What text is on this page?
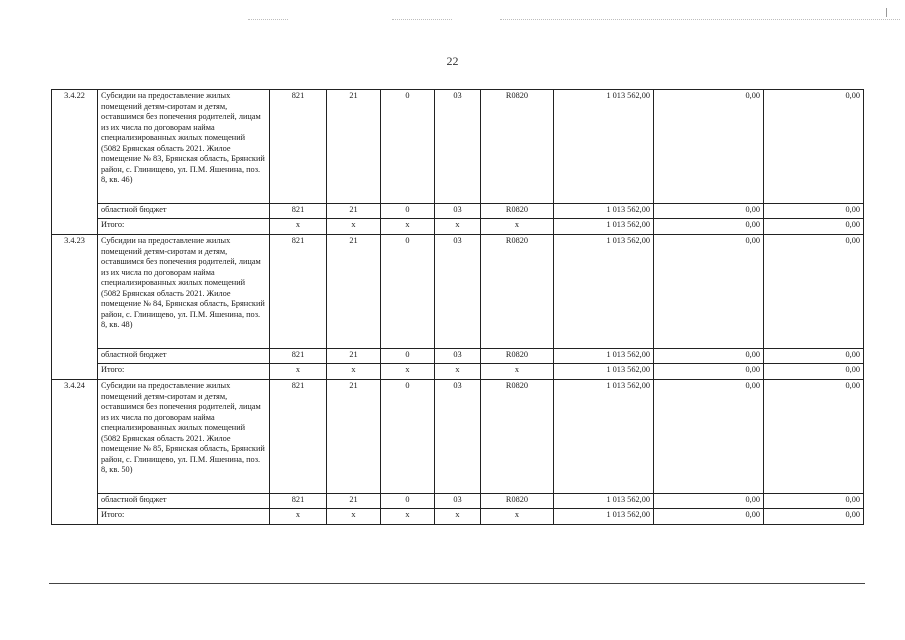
22
3.4.22	Субсидии на предоставление жилых помещений детям-сиротам и детям, оставшимся без попечения родителей, лицам из их числа по договорам найма специализированных жилых помещений (5082 Брянская область 2021. Жилое помещение № 83, Брянская область, Брянский район, с. Глинищево, ул. П.М. Яшенина, поз. 8, кв. 46)	821	21	0	03	R0820	1 013 562,00	0,00	0,00
	областной бюджет	821	21	0	03	R0820	1 013 562,00	0,00	0,00
	Итого:	x	x	x	x	x	1 013 562,00	0,00	0,00
3.4.23	Субсидии на предоставление жилых помещений детям-сиротам и детям, оставшимся без попечения родителей, лицам из их числа по договорам найма специализированных жилых помещений (5082 Брянская область 2021. Жилое помещение № 84, Брянская область, Брянский район, с. Глинищево, ул. П.М. Яшенина, поз. 8, кв. 48)	821	21	0	03	R0820	1 013 562,00	0,00	0,00
	областной бюджет	821	21	0	03	R0820	1 013 562,00	0,00	0,00
	Итого:	x	x	x	x	x	1 013 562,00	0,00	0,00
3.4.24	Субсидии на предоставление жилых помещений детям-сиротам и детям, оставшимся без попечения родителей, лицам из их числа по договорам найма специализированных жилых помещений (5082 Брянская область 2021. Жилое помещение № 85, Брянская область, Брянский район, с. Глинищево, ул. П.М. Яшенина, поз. 8, кв. 50)	821	21	0	03	R0820	1 013 562,00	0,00	0,00
	областной бюджет	821	21	0	03	R0820	1 013 562,00	0,00	0,00
	Итого:	x	x	x	x	x	1 013 562,00	0,00	0,00
